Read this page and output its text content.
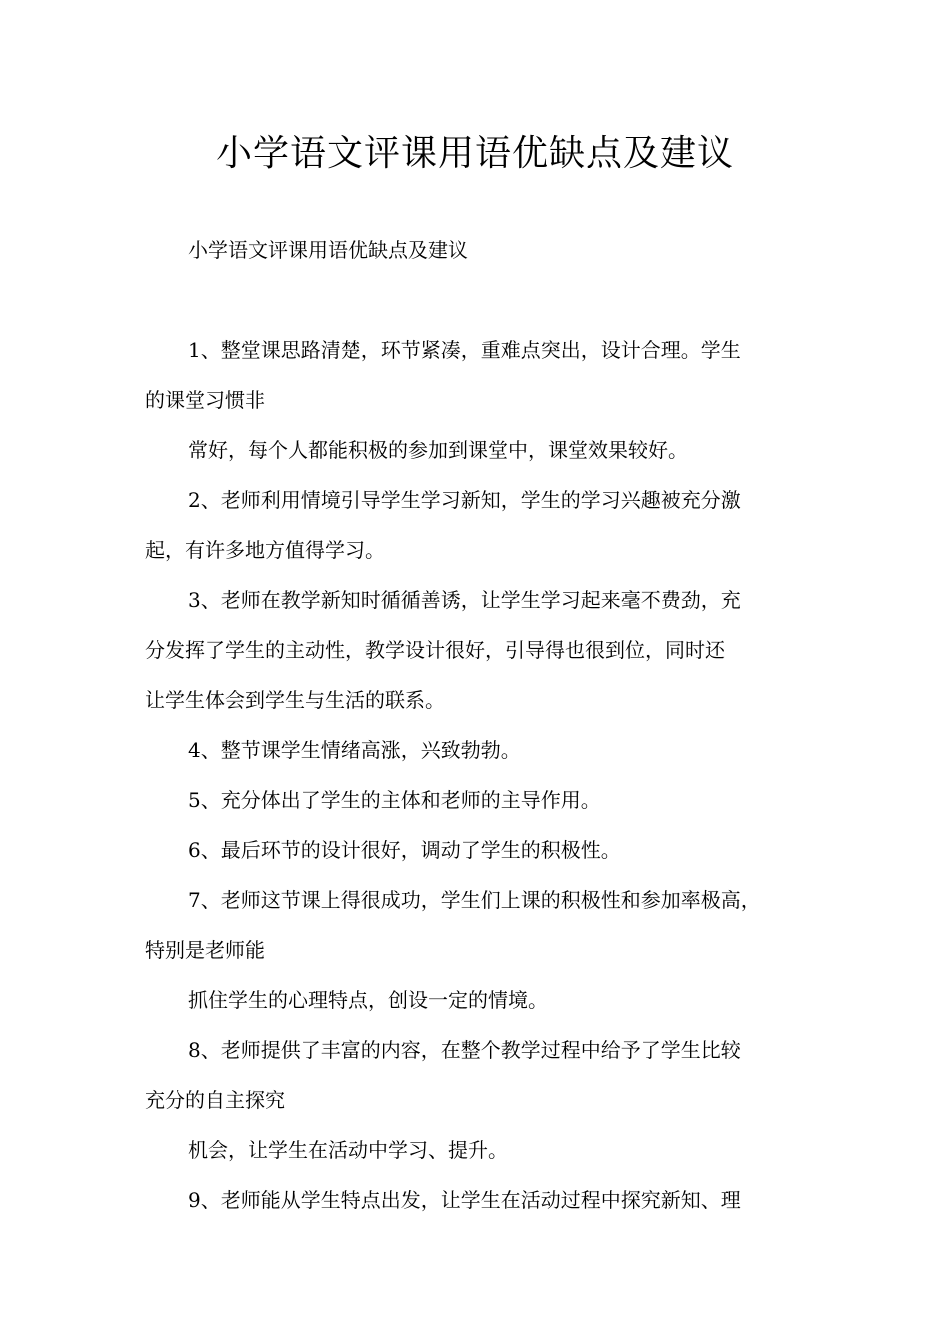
小学语文评课用语优缺点及建议
小学语文评课用语优缺点及建议
1、整堂课思路清楚，环节紧凑，重难点突出，设计合理。学生
的课堂习惯非
常好，每个人都能积极的参加到课堂中，课堂效果较好。
2、老师利用情境引导学生学习新知，学生的学习兴趣被充分激
起，有许多地方值得学习。
3、老师在教学新知时循循善诱，让学生学习起来毫不费劲，充
分发挥了学生的主动性，教学设计很好，引导得也很到位，同时还
让学生体会到学生与生活的联系。
4、整节课学生情绪高涨，兴致勃勃。
5、充分体出了学生的主体和老师的主导作用。
6、最后环节的设计很好，调动了学生的积极性。
7、老师这节课上得很成功，学生们上课的积极性和参加率极高，
特别是老师能
抓住学生的心理特点，创设一定的情境。
8、老师提供了丰富的内容，在整个教学过程中给予了学生比较
充分的自主探究
机会，让学生在活动中学习、提升。
9、老师能从学生特点出发，让学生在活动过程中探究新知、理
